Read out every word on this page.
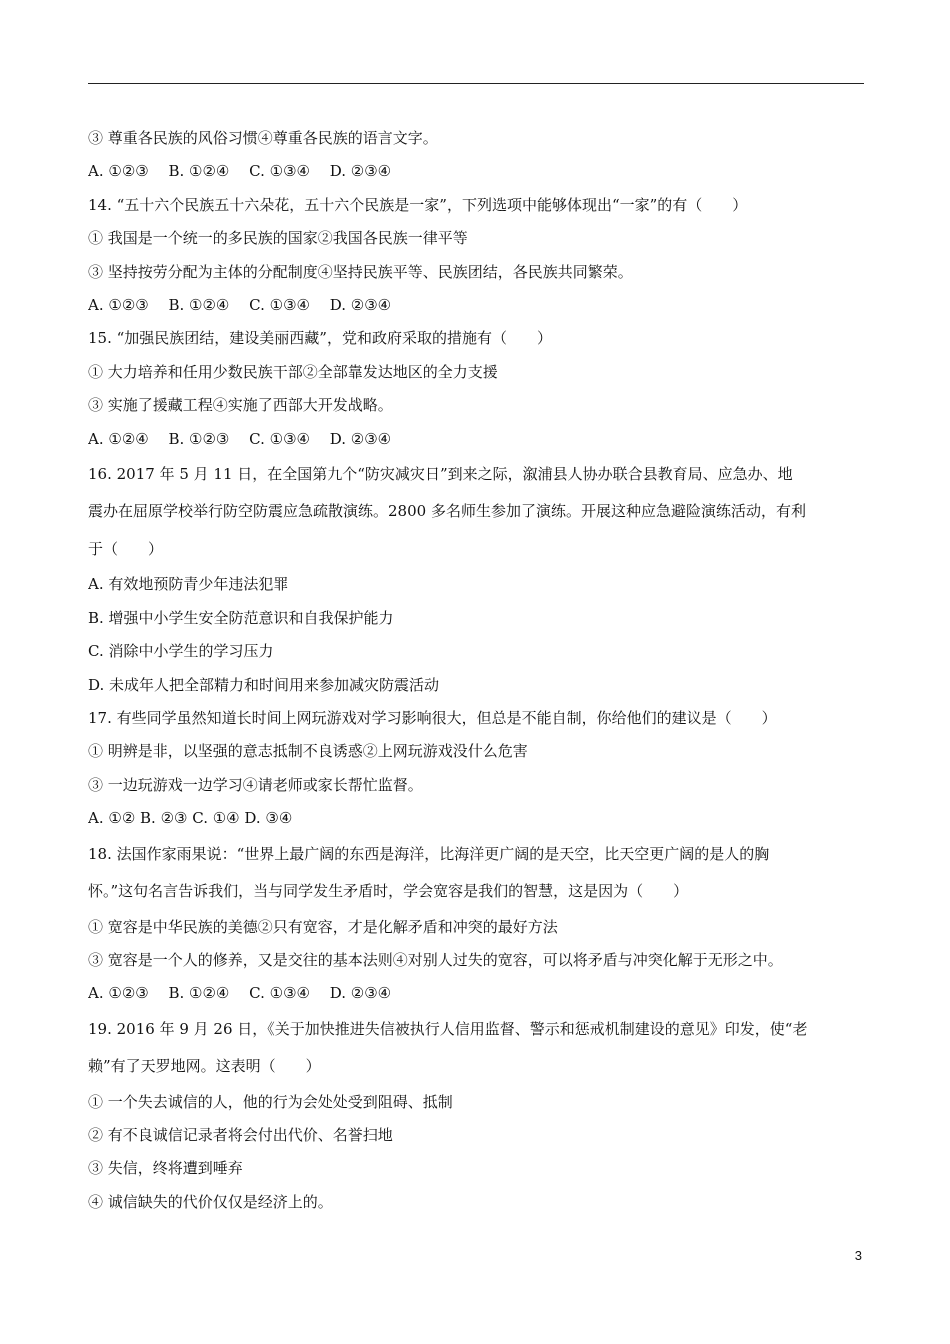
③ 尊重各民族的风俗习惯④尊重各民族的语言文字。
A. ①②③　 B. ①②④　 C. ①③④　 D. ②③④
14. “五十六个民族五十六朵花，五十六个民族是一家”，下列选项中能够体现出“一家”的有（　　）
① 我国是一个统一的多民族的国家②我国各民族一律平等
③ 坚持按劳分配为主体的分配制度④坚持民族平等、民族团结，各民族共同繁荣。
A. ①②③　 B. ①②④　 C. ①③④　 D. ②③④
15. “加强民族团结，建设美丽西藏”，党和政府采取的措施有（　　）
① 大力培养和任用少数民族干部②全部靠发达地区的全力支援
③ 实施了援藏工程④实施了西部大开发战略。
A. ①②④　 B. ①②③　 C. ①③④　 D. ②③④
16. 2017 年 5 月 11 日，在全国第九个“防灾减灾日”到来之际，溆浦县人协办联合县教育局、应急办、地
震办在屈原学校举行防空防震应急疏散演练。2800 多名师生参加了演练。开展这种应急避险演练活动，有利
于（　　）
A. 有效地预防青少年违法犯罪
B. 增强中小学生安全防范意识和自我保护能力
C. 消除中小学生的学习压力
D. 未成年人把全部精力和时间用来参加减灾防震活动
17. 有些同学虽然知道长时间上网玩游戏对学习影响很大，但总是不能自制，你给他们的建议是（　　）
① 明辨是非，以坚强的意志抵制不良诱惑②上网玩游戏没什么危害
③ 一边玩游戏一边学习④请老师或家长帮忙监督。
A. ①② B. ②③ C. ①④ D. ③④
18. 法国作家雨果说：“世界上最广阔的东西是海洋，比海洋更广阔的是天空，比天空更广阔的是人的胸
怀。”这句名言告诉我们，当与同学发生矛盾时，学会宽容是我们的智慧，这是因为（　　）
① 宽容是中华民族的美德②只有宽容，才是化解矛盾和冲突的最好方法
③ 宽容是一个人的修养，又是交往的基本法则④对别人过失的宽容，可以将矛盾与冲突化解于无形之中。
A. ①②③　 B. ①②④　 C. ①③④　 D. ②③④
19. 2016 年 9 月 26 日，《关于加快推进失信被执行人信用监督、警示和惩戒机制建设的意见》印发，使“老
赖”有了天罗地网。这表明（　　）
① 一个失去诚信的人，他的行为会处处受到阻碍、抵制
② 有不良诚信记录者将会付出代价、名誉扫地
③ 失信，终将遭到唾弃
④ 诚信缺失的代价仅仅是经济上的。
3
